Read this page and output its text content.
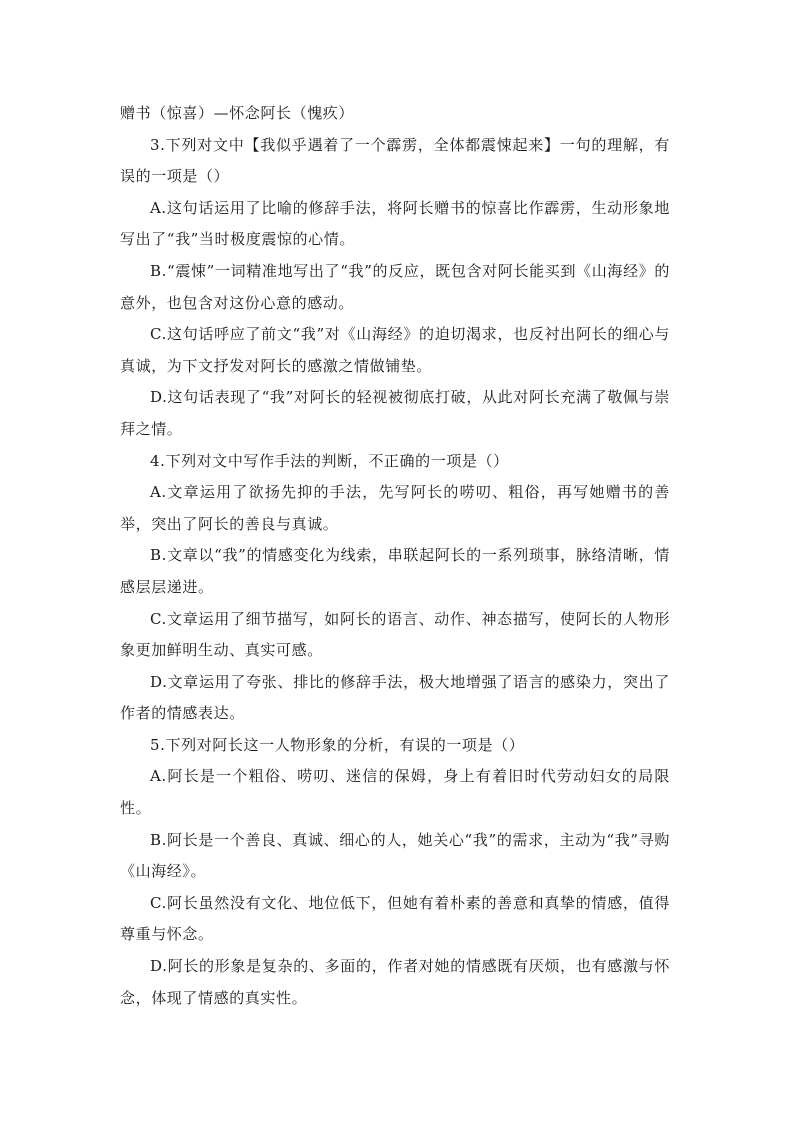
赠书（惊喜）—怀念阿长（愧疚）

3.下列对文中【我似乎遇着了一个霹雳，全体都震悚起来】一句的理解，有误的一项是（）

A.这句话运用了比喻的修辞手法，将阿长赠书的惊喜比作霹雳，生动形象地写出了“我”当时极度震惊的心情。

B.“震悚”一词精准地写出了“我”的反应，既包含对阿长能买到《山海经》的意外，也包含对这份心意的感动。

C.这句话呼应了前文“我”对《山海经》的迫切渴求，也反衬出阿长的细心与真诚，为下文抒发对阿长的感激之情做铺垫。

D.这句话表现了“我”对阿长的轻视被彻底打破，从此对阿长充满了敬佩与崇拜之情。

4.下列对文中写作手法的判断，不正确的一项是（）

A.文章运用了欲扬先抑的手法，先写阿长的唠叨、粗俗，再写她赠书的善举，突出了阿长的善良与真诚。

B.文章以“我”的情感变化为线索，串联起阿长的一系列琐事，脉络清晰，情感层层递进。

C.文章运用了细节描写，如阿长的语言、动作、神态描写，使阿长的人物形象更加鲜明生动、真实可感。

D.文章运用了夸张、排比的修辞手法，极大地增强了语言的感染力，突出了作者的情感表达。

5.下列对阿长这一人物形象的分析，有误的一项是（）

A.阿长是一个粗俗、唠叨、迷信的保姆，身上有着旧时代劳动妇女的局限性。

B.阿长是一个善良、真诚、细心的人，她关心“我”的需求，主动为“我”寻购《山海经》。

C.阿长虽然没有文化、地位低下，但她有着朴素的善意和真挚的情感，值得尊重与怀念。

D.阿长的形象是复杂的、多面的，作者对她的情感既有厌烦，也有感激与怀念，体现了情感的真实性。
